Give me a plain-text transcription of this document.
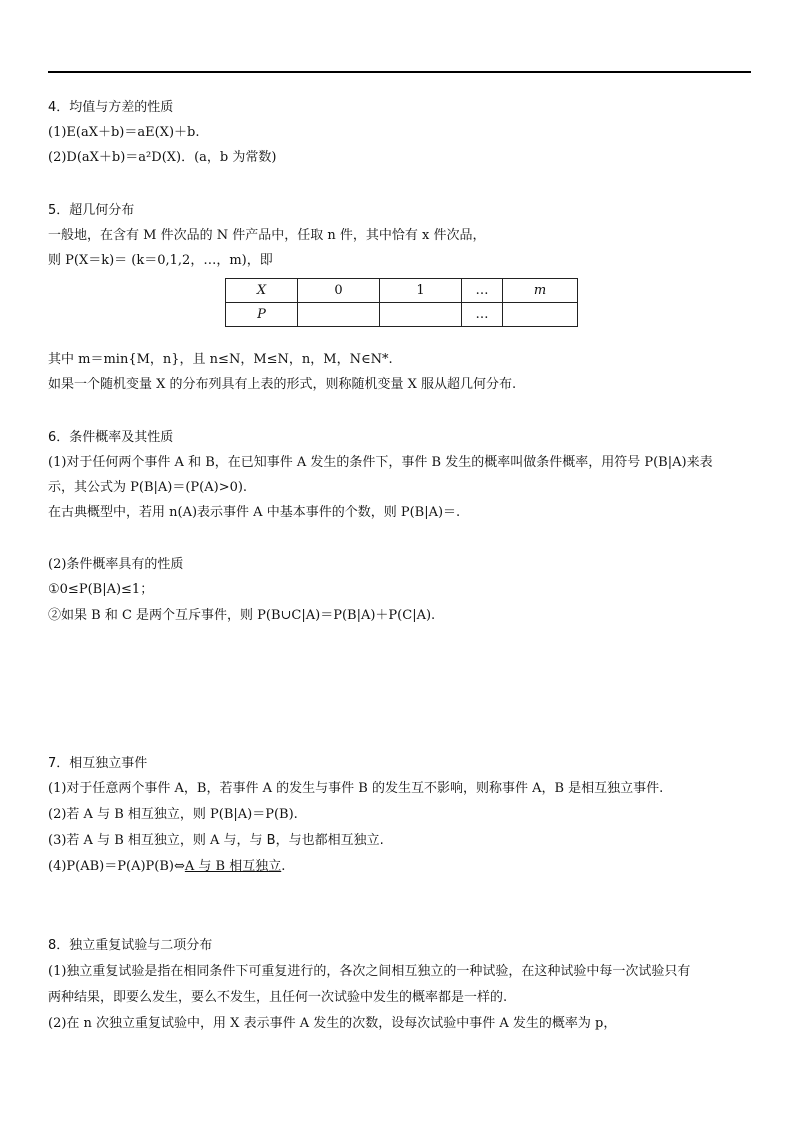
4．均值与方差的性质
(1)E(aX＋b)＝aE(X)＋b.
(2)D(aX＋b)＝a²D(X)．(a，b 为常数)
5．超几何分布
一般地，在含有 M 件次品的 N 件产品中，任取 n 件，其中恰有 x 件次品，
则 P(X＝k)＝ (k＝0,1,2，…，m)，即
X	0	1	…	m
P			…	
其中 m＝min{M，n}，且 n≤N，M≤N，n，M，N∈N*.
如果一个随机变量 X 的分布列具有上表的形式，则称随机变量 X 服从超几何分布.
6．条件概率及其性质
(1)对于任何两个事件 A 和 B，在已知事件 A 发生的条件下，事件 B 发生的概率叫做条件概率，用符号 P(B|A)来表
示，其公式为 P(B|A)＝(P(A)>0).
在古典概型中，若用 n(A)表示事件 A 中基本事件的个数，则 P(B|A)＝.
(2)条件概率具有的性质
①0≤P(B|A)≤1；
②如果 B 和 C 是两个互斥事件，则 P(B∪C|A)＝P(B|A)＋P(C|A).
7．相互独立事件
(1)对于任意两个事件 A，B，若事件 A 的发生与事件 B 的发生互不影响，则称事件 A，B 是相互独立事件.
(2)若 A 与 B 相互独立，则 P(B|A)＝P(B).
(3)若 A 与 B 相互独立，则 A 与，与 B，与也都相互独立.
(4)P(AB)＝P(A)P(B)⇔A 与 B 相互独立.
8．独立重复试验与二项分布
(1)独立重复试验是指在相同条件下可重复进行的，各次之间相互独立的一种试验，在这种试验中每一次试验只有
两种结果，即要么发生，要么不发生，且任何一次试验中发生的概率都是一样的.
(2)在 n 次独立重复试验中，用 X 表示事件 A 发生的次数，设每次试验中事件 A 发生的概率为 p，
